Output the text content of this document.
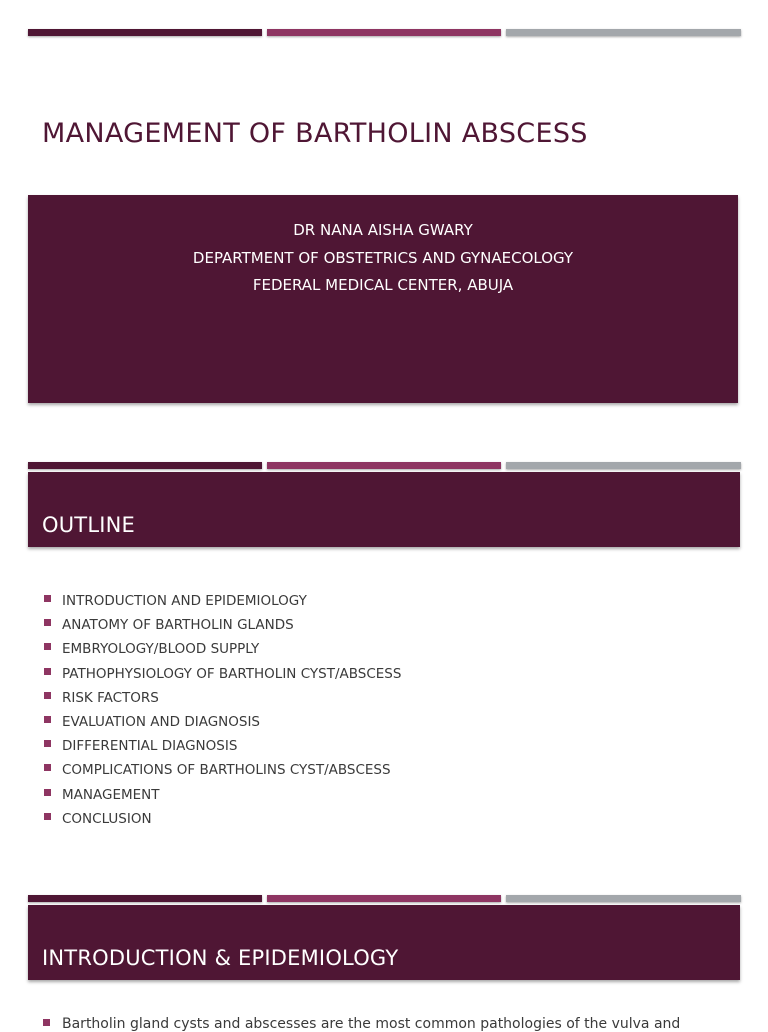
MANAGEMENT OF BARTHOLIN ABSCESS
DR NANA AISHA GWARY
DEPARTMENT OF OBSTETRICS AND GYNAECOLOGY
FEDERAL MEDICAL CENTER, ABUJA
OUTLINE
INTRODUCTION AND EPIDEMIOLOGY
ANATOMY OF BARTHOLIN GLANDS
EMBRYOLOGY/BLOOD SUPPLY
PATHOPHYSIOLOGY OF BARTHOLIN CYST/ABSCESS
RISK FACTORS
EVALUATION AND DIAGNOSIS
DIFFERENTIAL DIAGNOSIS
COMPLICATIONS OF BARTHOLINS CYST/ABSCESS
MANAGEMENT
CONCLUSION
INTRODUCTION & EPIDEMIOLOGY
Bartholin gland cysts and abscesses are the most common pathologies of the vulva and
